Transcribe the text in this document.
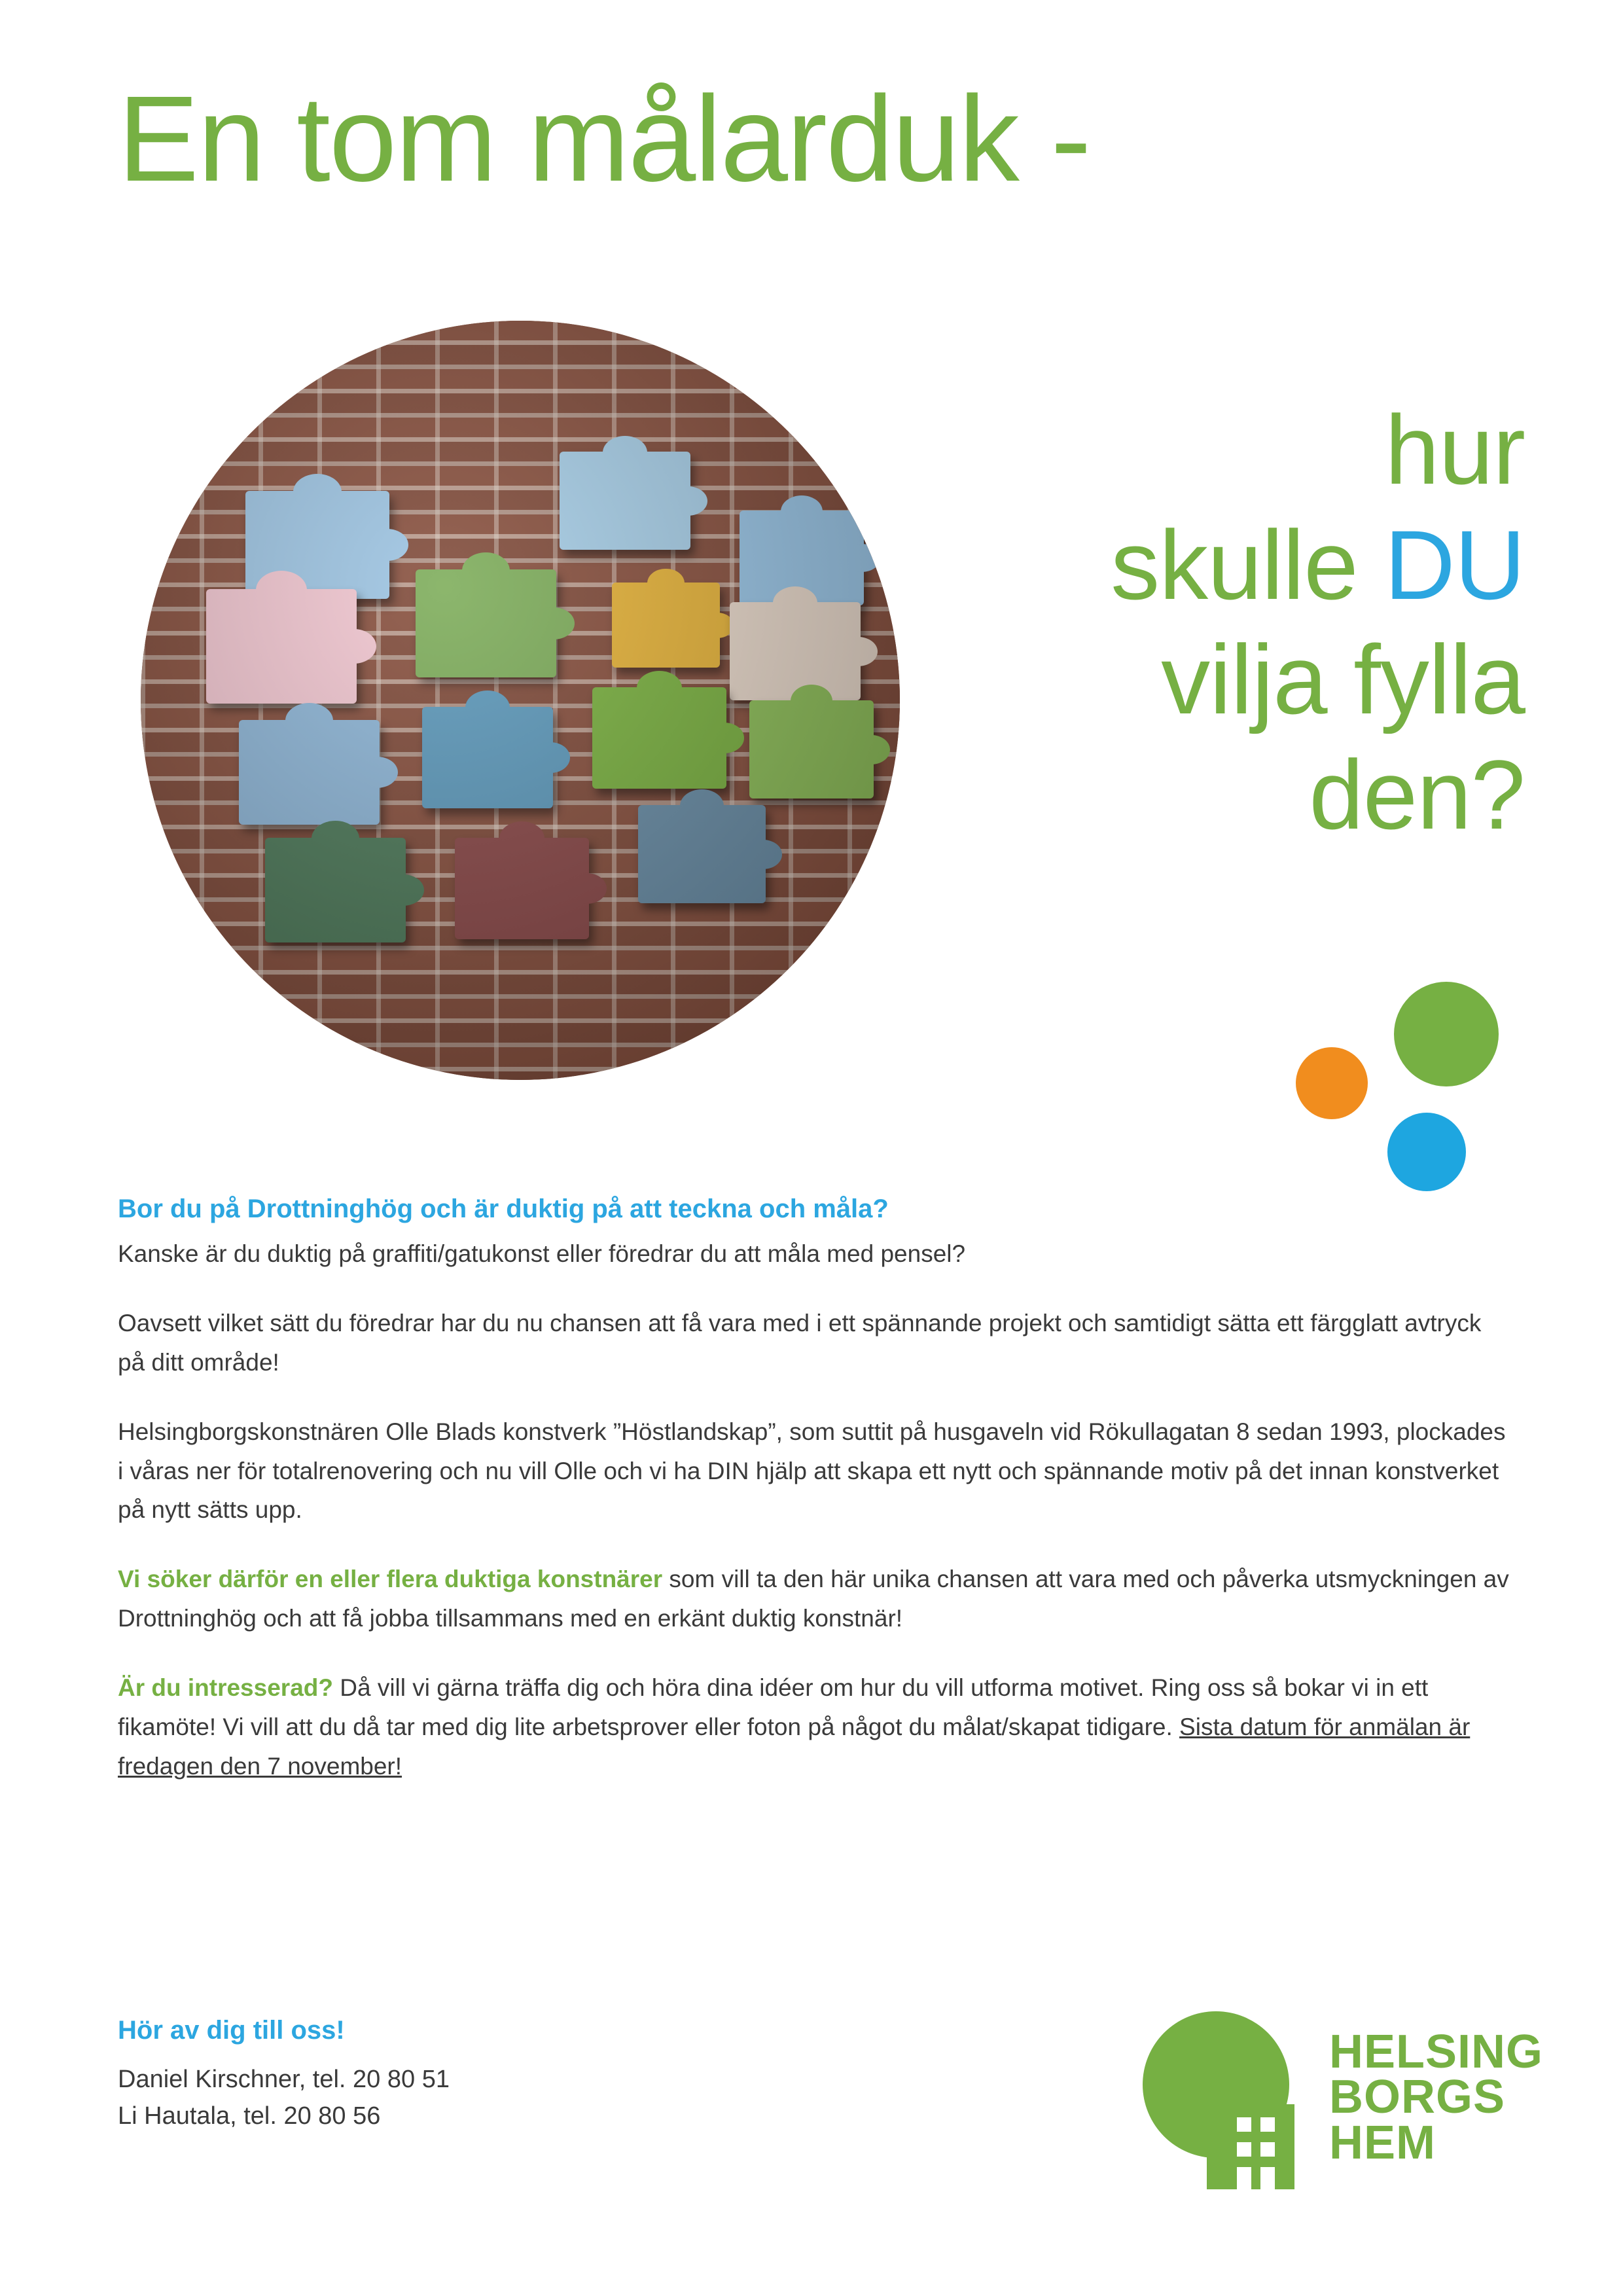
En tom målarduk -
hur
skulle DU
vilja fylla
den?

Bor du på Drottninghög och är duktig på att teckna och måla?

Kanske är du duktig på graffiti/gatukonst eller föredrar du att måla med pensel?

Oavsett vilket sätt du föredrar har du nu chansen att få vara med i ett spännande projekt och samtidigt sätta ett färgglatt avtryck på ditt område!

Helsingborgskonstnären Olle Blads konstverk ”Höstlandskap”, som suttit på husgaveln vid Rökullagatan 8 sedan 1993, plockades i våras ner för totalrenovering och nu vill Olle och vi ha DIN hjälp att skapa ett nytt och spännande motiv på det innan konstverket på nytt sätts upp.

Vi söker därför en eller flera duktiga konstnärer som vill ta den här unika chansen att vara med och påverka utsmyckningen av Drottninghög och att få jobba tillsammans med en erkänt duktig konstnär!

Är du intresserad? Då vill vi gärna träffa dig och höra dina idéer om hur du vill utforma motivet. Ring oss så bokar vi in ett fikamöte! Vi vill att du då tar med dig lite arbetsprover eller foton på något du målat/skapat tidigare. Sista datum för anmälan är fredagen den 7 november!

Hör av dig till oss!
Daniel Kirschner, tel. 20 80 51
Li Hautala, tel. 20 80 56
HELSING
BORGS
HEM
